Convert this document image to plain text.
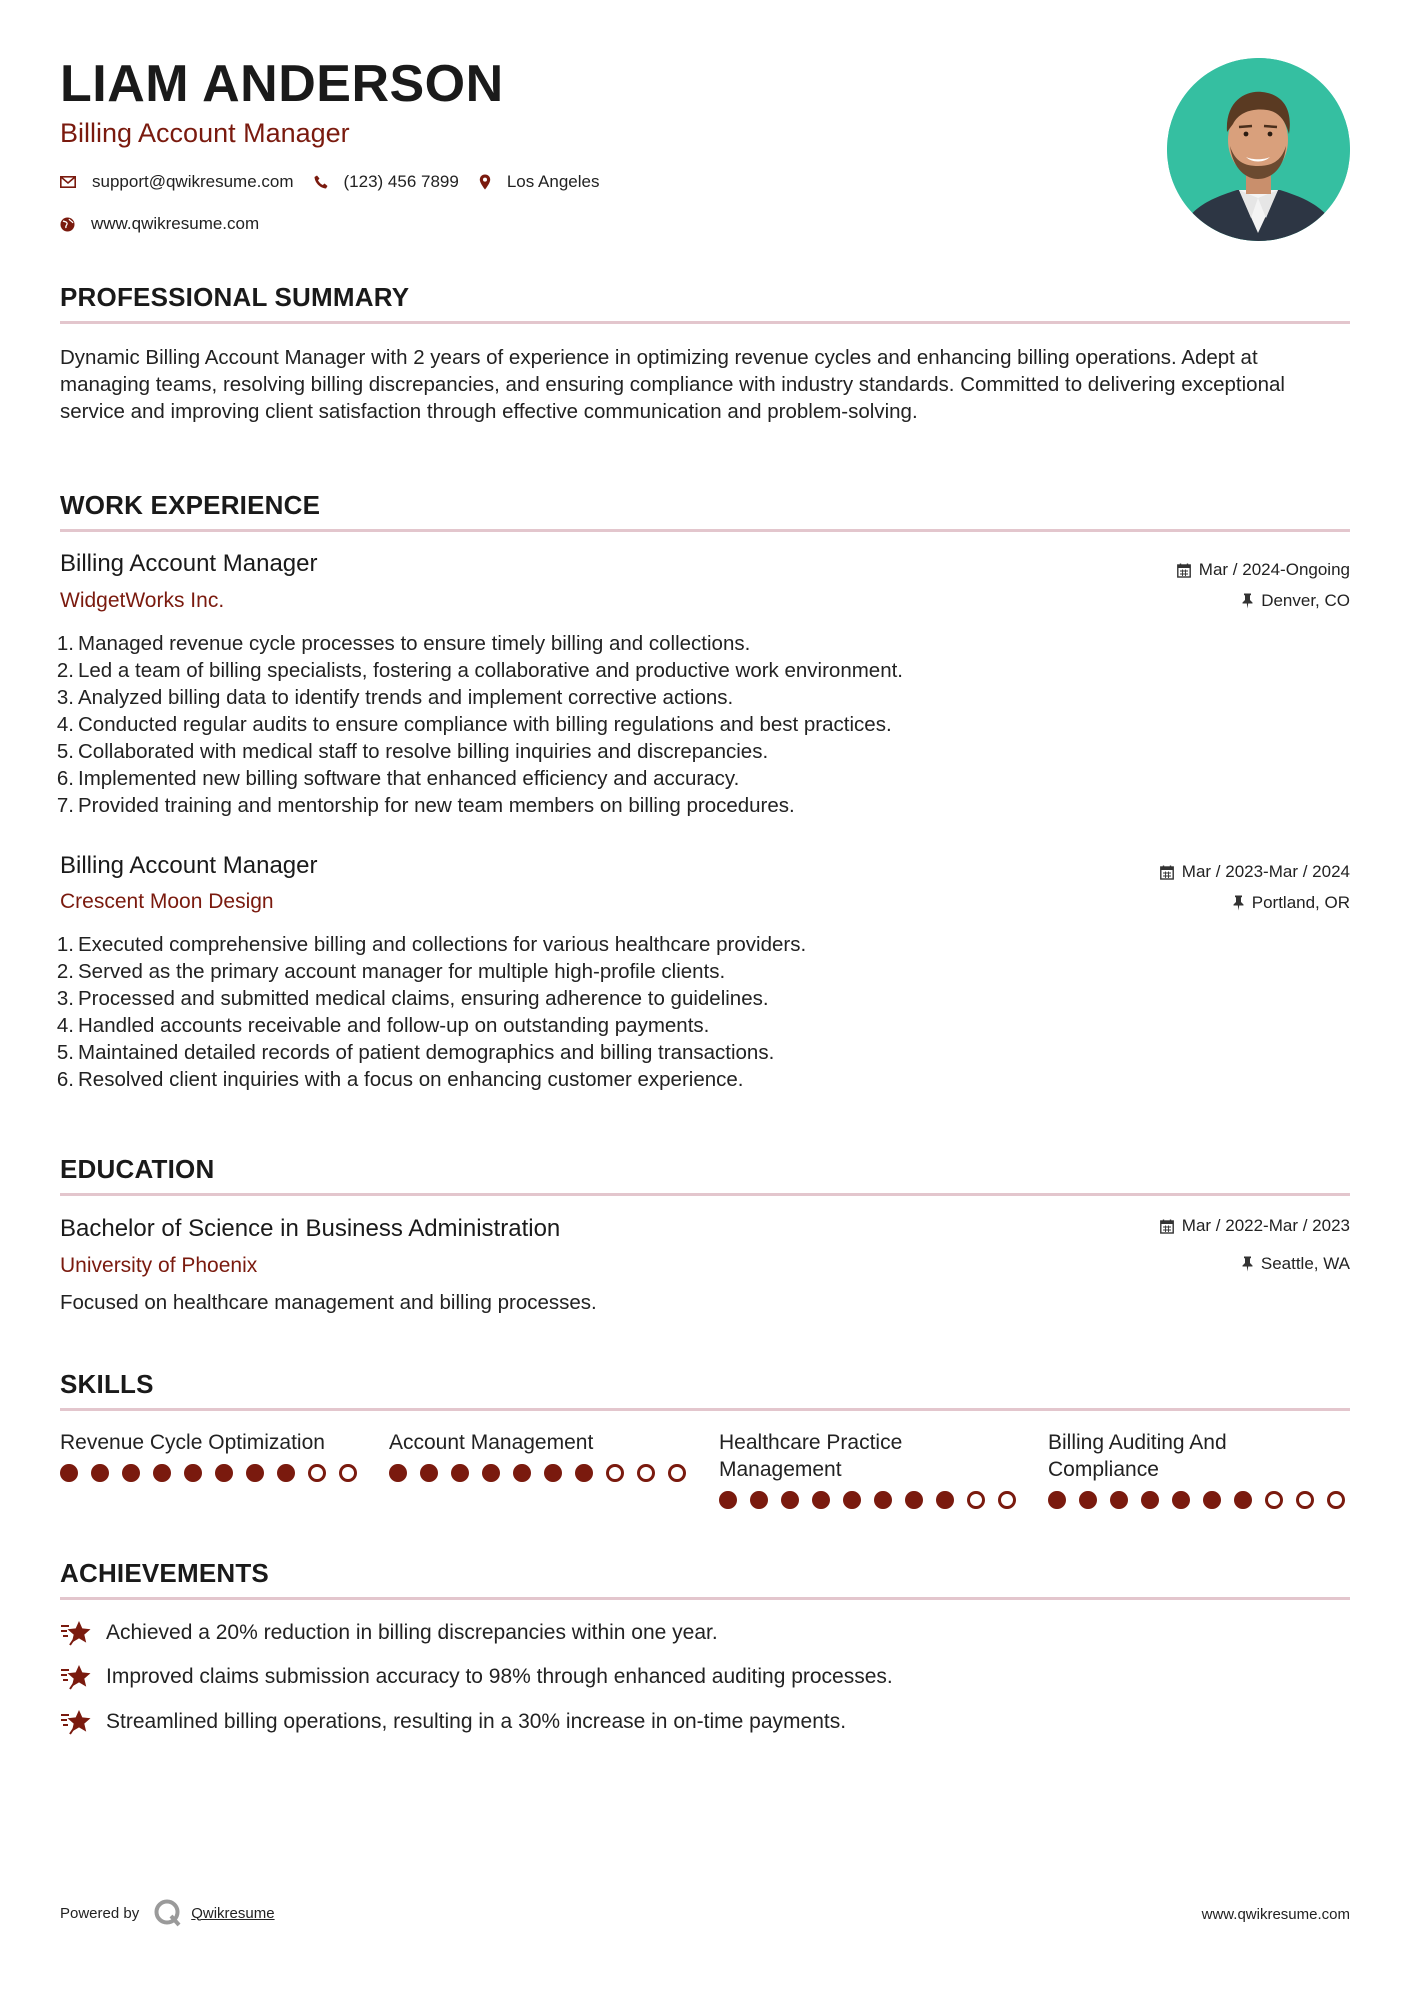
LIAM ANDERSON
Billing Account Manager
support@qwikresume.com	(123) 456 7899	Los Angeles
www.qwikresume.com
PROFESSIONAL SUMMARY
Dynamic Billing Account Manager with 2 years of experience in optimizing revenue cycles and enhancing billing operations. Adept at managing teams, resolving billing discrepancies, and ensuring compliance with industry standards. Committed to delivering exceptional service and improving client satisfaction through effective communication and problem-solving.
WORK EXPERIENCE
Billing Account Manager
WidgetWorks Inc.
Mar / 2024-Ongoing
Denver, CO
1. Managed revenue cycle processes to ensure timely billing and collections.
2. Led a team of billing specialists, fostering a collaborative and productive work environment.
3. Analyzed billing data to identify trends and implement corrective actions.
4. Conducted regular audits to ensure compliance with billing regulations and best practices.
5. Collaborated with medical staff to resolve billing inquiries and discrepancies.
6. Implemented new billing software that enhanced efficiency and accuracy.
7. Provided training and mentorship for new team members on billing procedures.
Billing Account Manager
Crescent Moon Design
Mar / 2023-Mar / 2024
Portland, OR
1. Executed comprehensive billing and collections for various healthcare providers.
2. Served as the primary account manager for multiple high-profile clients.
3. Processed and submitted medical claims, ensuring adherence to guidelines.
4. Handled accounts receivable and follow-up on outstanding payments.
5. Maintained detailed records of patient demographics and billing transactions.
6. Resolved client inquiries with a focus on enhancing customer experience.
EDUCATION
Bachelor of Science in Business Administration
University of Phoenix
Mar / 2022-Mar / 2023
Seattle, WA
Focused on healthcare management and billing processes.
SKILLS
Revenue Cycle Optimization	Account Management	Healthcare Practice
Management
Billing Auditing And
Compliance
ACHIEVEMENTS
Achieved a 20% reduction in billing discrepancies within one year.
Improved claims submission accuracy to 98% through enhanced auditing processes.
Streamlined billing operations, resulting in a 30% increase in on-time payments.
Powered by	Qwikresume	www.qwikresume.com
